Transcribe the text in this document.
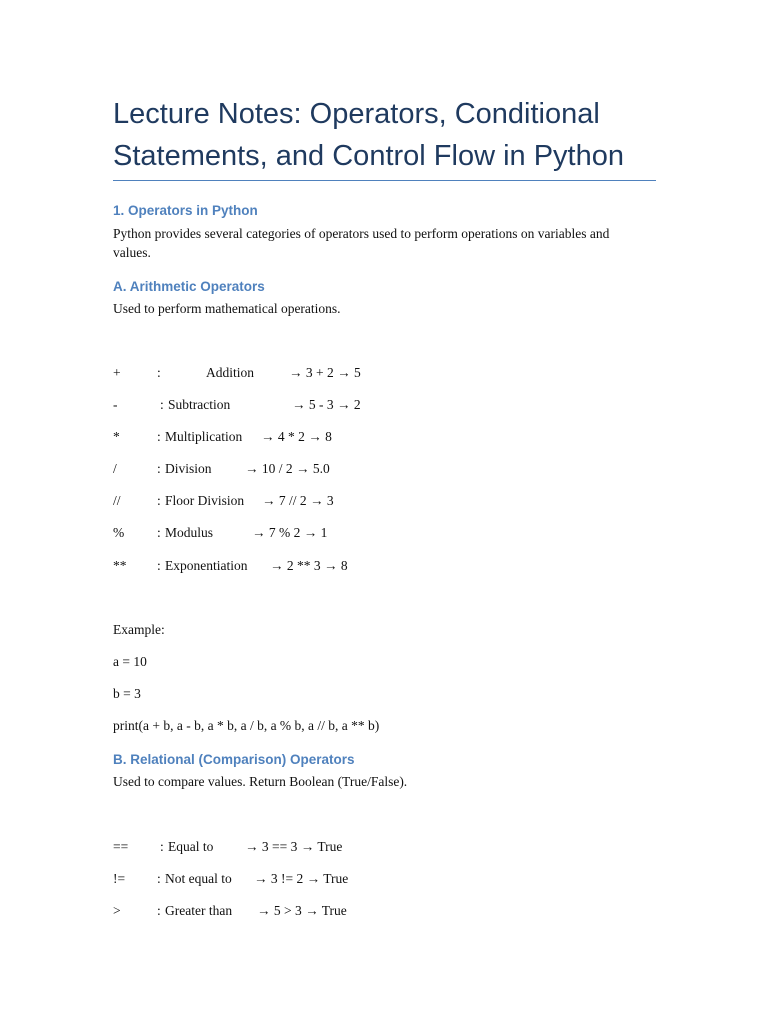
Lecture Notes: Operators, Conditional Statements, and Control Flow in Python
1. Operators in Python

Python provides several categories of operators used to perform operations on variables and values.

A. Arithmetic Operators

Used to perform mathematical operations.

+	:	Addition	→ 3 + 2 → 5
-	: Subtraction	→ 5 - 3 → 2
*	: Multiplication → 4 * 2 → 8
/	: Division → 10 / 2 → 5.0
//	: Floor Division → 7 // 2 → 3
% : Modulus	→ 7 % 2 → 1
** : Exponentiation → 2 ** 3 → 8

Example:

a = 10

b = 3

print(a + b, a - b, a * b, a / b, a % b, a // b, a ** b)

B. Relational (Comparison) Operators

Used to compare values. Return Boolean (True/False).

== : Equal to → 3 == 3 → True
!= : Not equal to → 3 != 2 → True
>	: Greater than → 5 > 3 → True
